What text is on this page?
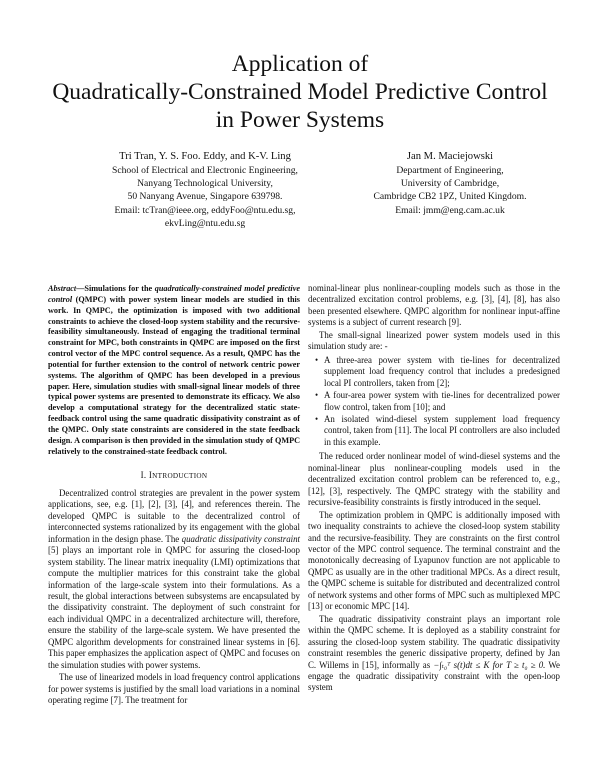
Application of
Quadratically-Constrained Model Predictive Control
in Power Systems
Tri Tran, Y. S. Foo. Eddy, and K-V. Ling
School of Electrical and Electronic Engineering,
Nanyang Technological University,
50 Nanyang Avenue, Singapore 639798.
Email: tcTran@ieee.org, eddyFoo@ntu.edu.sg,
ekvLing@ntu.edu.sg
Jan M. Maciejowski
Department of Engineering,
University of Cambridge,
Cambridge CB2 1PZ, United Kingdom.
Email: jmm@eng.cam.ac.uk

Abstract—Simulations for the quadratically-constrained model predictive control (QMPC) with power system linear models are studied in this work. In QMPC, the optimization is imposed with two additional constraints to achieve the closed-loop system stability and the recursive-feasibility simultaneously. Instead of engaging the traditional terminal constraint for MPC, both constraints in QMPC are imposed on the first control vector of the MPC control sequence. As a result, QMPC has the potential for further extension to the control of network centric power systems. The algorithm of QMPC has been developed in a previous paper. Here, simulation studies with small-signal linear models of three typical power systems are presented to demonstrate its efficacy. We also develop a computational strategy for the decentralized static state-feedback control using the same quadratic dissipativity constraint as of the QMPC. Only state constraints are considered in the state feedback design. A comparison is then provided in the simulation study of QMPC relatively to the constrained-state feedback control.

I. INTRODUCTION

Decentralized control strategies are prevalent in the power system applications, see, e.g. [1], [2], [3], [4], and references therein. The developed QMPC is suitable to the decentralized control of interconnected systems rationalized by its engagement with the global information in the design phase. The quadratic dissipativity constraint [5] plays an important role in QMPC for assuring the closed-loop system stability. The linear matrix inequality (LMI) optimizations that compute the multiplier matrices for this constraint take the global information of the large-scale system into their formulations. As a result, the global interactions between subsystems are encapsulated by the dissipativity constraint. The deployment of such constraint for each individual QMPC in a decentralized architecture will, therefore, ensure the stability of the large-scale system. We have presented the QMPC algorithm developments for constrained linear systems in [6]. This paper emphasizes the application aspect of QMPC and focuses on the simulation studies with power systems.

The use of linearized models in load frequency control applications for power systems is justified by the small load variations in a nominal operating regime [7]. The treatment for

nominal-linear plus nonlinear-coupling models such as those in the decentralized excitation control problems, e.g. [3], [4], [8], has also been presented elsewhere. QMPC algorithm for nonlinear input-affine systems is a subject of current research [9].

The small-signal linearized power system models used in this simulation study are: -

• A three-area power system with tie-lines for decentralized supplement load frequency control that includes a predesigned local PI controllers, taken from [2];
• A four-area power system with tie-lines for decentralized power flow control, taken from [10]; and
• An isolated wind-diesel system supplement load frequency control, taken from [11]. The local PI controllers are also included in this example.

The reduced order nonlinear model of wind-diesel systems and the nominal-linear plus nonlinear-coupling models used in the decentralized excitation control problem can be referenced to, e.g., [12], [3], respectively. The QMPC strategy with the stability and recursive-feasibility constraints is firstly introduced in the sequel.

The optimization problem in QMPC is additionally imposed with two inequality constraints to achieve the closed-loop system stability and the recursive-feasibility. They are constraints on the first control vector of the MPC control sequence. The terminal constraint and the monotonically decreasing of Lyapunov function are not applicable to QMPC as usually are in the other traditional MPCs. As a direct result, the QMPC scheme is suitable for distributed and decentralized control of network systems and other forms of MPC such as multiplexed MPC [13] or economic MPC [14].

The quadratic dissipativity constraint plays an important role within the QMPC scheme. It is deployed as a stability constraint for assuring the closed-loop system stability. The quadratic dissipativity constraint resembles the generic dissipative property, defined by Jan C. Willems in [15], informally as −∫ₜ₀ᵀ s(t)dt ≤ K for T ≥ t₀ ≥ 0. We engage the quadratic dissipativity constraint with the open-loop system
